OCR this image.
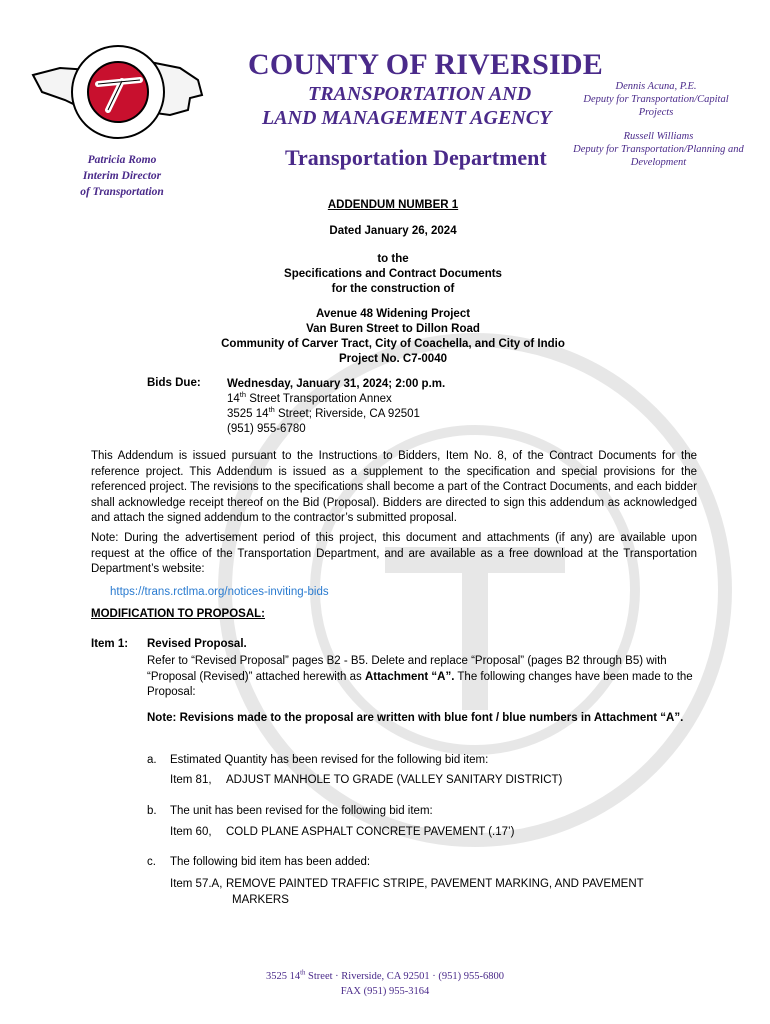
COUNTY OF RIVERSIDE
TRANSPORTATION AND
LAND MANAGEMENT AGENCY
Transportation Department
Dennis Acuna, P.E.
Deputy for Transportation/Capital
Projects
Russell Williams
Deputy for Transportation/Planning and
Development
Patricia Romo
Interim Director
of Transportation
ADDENDUM NUMBER 1
Dated January 26, 2024
to the
Specifications and Contract Documents
for the construction of
Avenue 48 Widening Project
Van Buren Street to Dillon Road
Community of Carver Tract, City of Coachella, and City of Indio
Project No. C7-0040
Bids Due: Wednesday, January 31, 2024; 2:00 p.m.
14th Street Transportation Annex
3525 14th Street; Riverside, CA 92501
(951) 955-6780
This Addendum is issued pursuant to the Instructions to Bidders, Item No. 8, of the Contract Documents for the reference project. This Addendum is issued as a supplement to the specification and special provisions for the referenced project. The revisions to the specifications shall become a part of the Contract Documents, and each bidder shall acknowledge receipt thereof on the Bid (Proposal). Bidders are directed to sign this addendum as acknowledged and attach the signed addendum to the contractor’s submitted proposal.
Note: During the advertisement period of this project, this document and attachments (if any) are available upon request at the office of the Transportation Department, and are available as a free download at the Transportation Department’s website:
https://trans.rctlma.org/notices-inviting-bids
MODIFICATION TO PROPOSAL:
Item 1: Revised Proposal.
Refer to “Revised Proposal” pages B2 - B5. Delete and replace “Proposal” (pages B2 through B5) with “Proposal (Revised)” attached herewith as Attachment “A”. The following changes have been made to the Proposal:
Note: Revisions made to the proposal are written with blue font / blue numbers in Attachment “A”.
a. Estimated Quantity has been revised for the following bid item:
Item 81, ADJUST MANHOLE TO GRADE (VALLEY SANITARY DISTRICT)
b. The unit has been revised for the following bid item:
Item 60, COLD PLANE ASPHALT CONCRETE PAVEMENT (.17’)
c. The following bid item has been added:
Item 57.A, REMOVE PAINTED TRAFFIC STRIPE, PAVEMENT MARKING, AND PAVEMENT
MARKERS
3525 14th Street · Riverside, CA 92501 · (951) 955-6800
FAX (951) 955-3164
